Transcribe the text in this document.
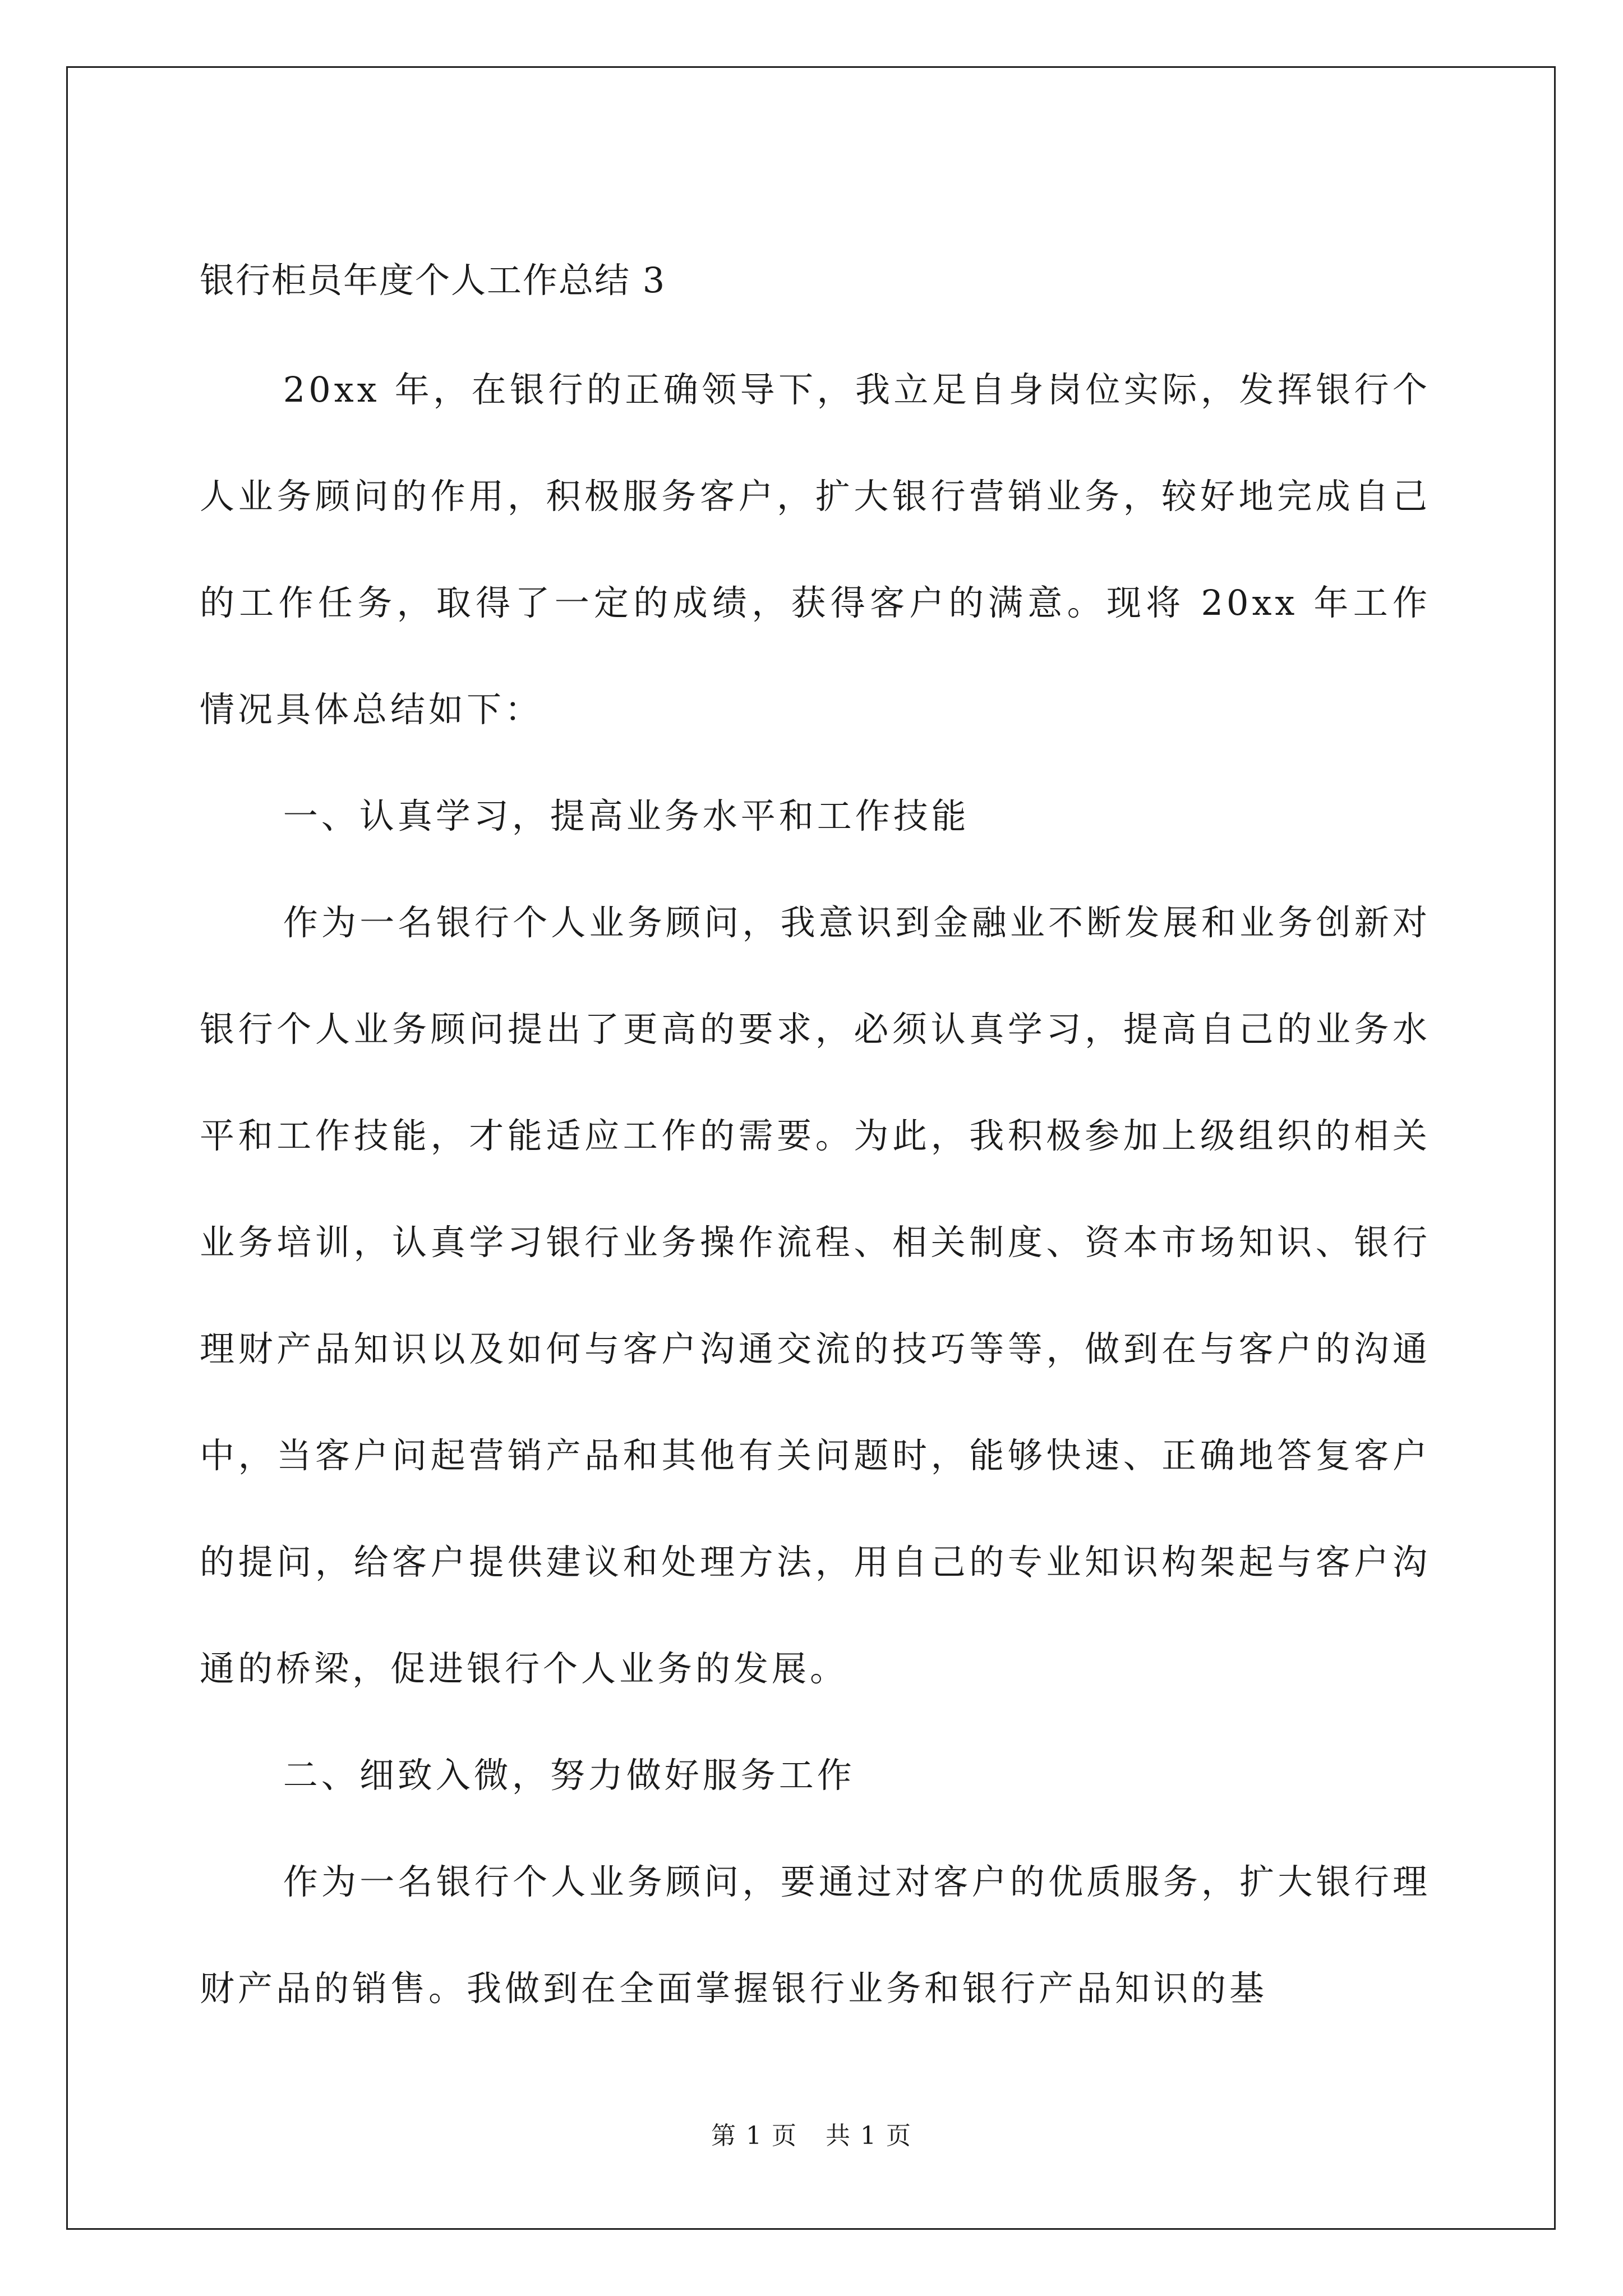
银行柜员年度个人工作总结 3

20xx 年，在银行的正确领导下，我立足自身岗位实际，发挥银行个人业务顾问的作用，积极服务客户，扩大银行营销业务，较好地完成自己的工作任务，取得了一定的成绩，获得客户的满意。现将 20xx 年工作情况具体总结如下：

一、认真学习，提高业务水平和工作技能

作为一名银行个人业务顾问，我意识到金融业不断发展和业务创新对银行个人业务顾问提出了更高的要求，必须认真学习，提高自己的业务水平和工作技能，才能适应工作的需要。为此，我积极参加上级组织的相关业务培训，认真学习银行业务操作流程、相关制度、资本市场知识、银行理财产品知识以及如何与客户沟通交流的技巧等等，做到在与客户的沟通中，当客户问起营销产品和其他有关问题时，能够快速、正确地答复客户的提问，给客户提供建议和处理方法，用自己的专业知识构架起与客户沟通的桥梁，促进银行个人业务的发展。

二、细致入微，努力做好服务工作

作为一名银行个人业务顾问，要通过对客户的优质服务，扩大银行理财产品的销售。我做到在全面掌握银行业务和银行产品知识的基

第 1 页 共 1 页
